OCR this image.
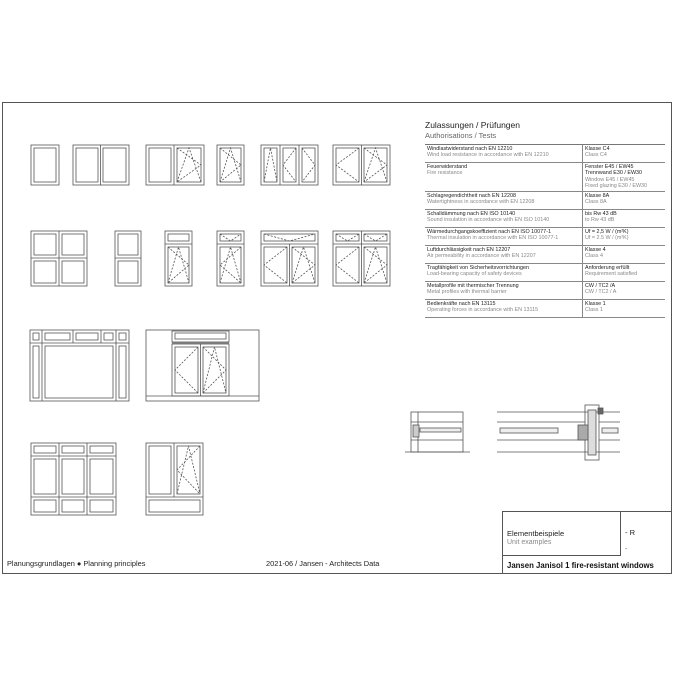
Zulassungen / Prüfungen
Authorisations / Tests
Windlastwiderstand nach EN 12210
Wind load resistance in accordance with EN 12210
Klasse C4
Class C4
Feuerwiderstand
Fire resistance
Fenster E45 / EW45
Trennwand E30 / EW30
Window E45 / EW45
Fixed glazing E30 / EW30
Schlagregendichtheit nach EN 12208
Watertightness in accordance with EN 12208
Klasse 8A
Class 8A
Schalldämmung nach EN ISO 10140
Sound insulation in accordance with EN ISO 10140
bis Rw 43 dB
to Rw 43 dB
Wärmedurchgangskoeffizient nach EN ISO 10077-1
Thermal insulation in accordance with EN ISO 10077-1
Uf = 2,5 W / (m²K)
Uf = 2.5 W / (m²K)
Luftdurchlässigkeit nach EN 12207
Air permeability in accordance with EN 12207
Klasse 4
Class 4
Tragfähigkeit von Sicherheitsvorrichtungen
Load-bearing capacity of safety devices
Anforderung erfüllt
Requirement satisfied
Metallprofile mit thermischer Trennung
Metal profiles with thermal barrier
CW / TC2 /A
CW / TC2 / A
Bedienkräfte nach EN 13115
Operating forces in accordance with EN 13115
Klasse 1
Class 1
Elementbeispiele
Unit examples
- R
-
Jansen Janisol 1 fire-resistant windows
Planungsgrundlagen ● Planning principles	2021-06 / Jansen - Architects Data
